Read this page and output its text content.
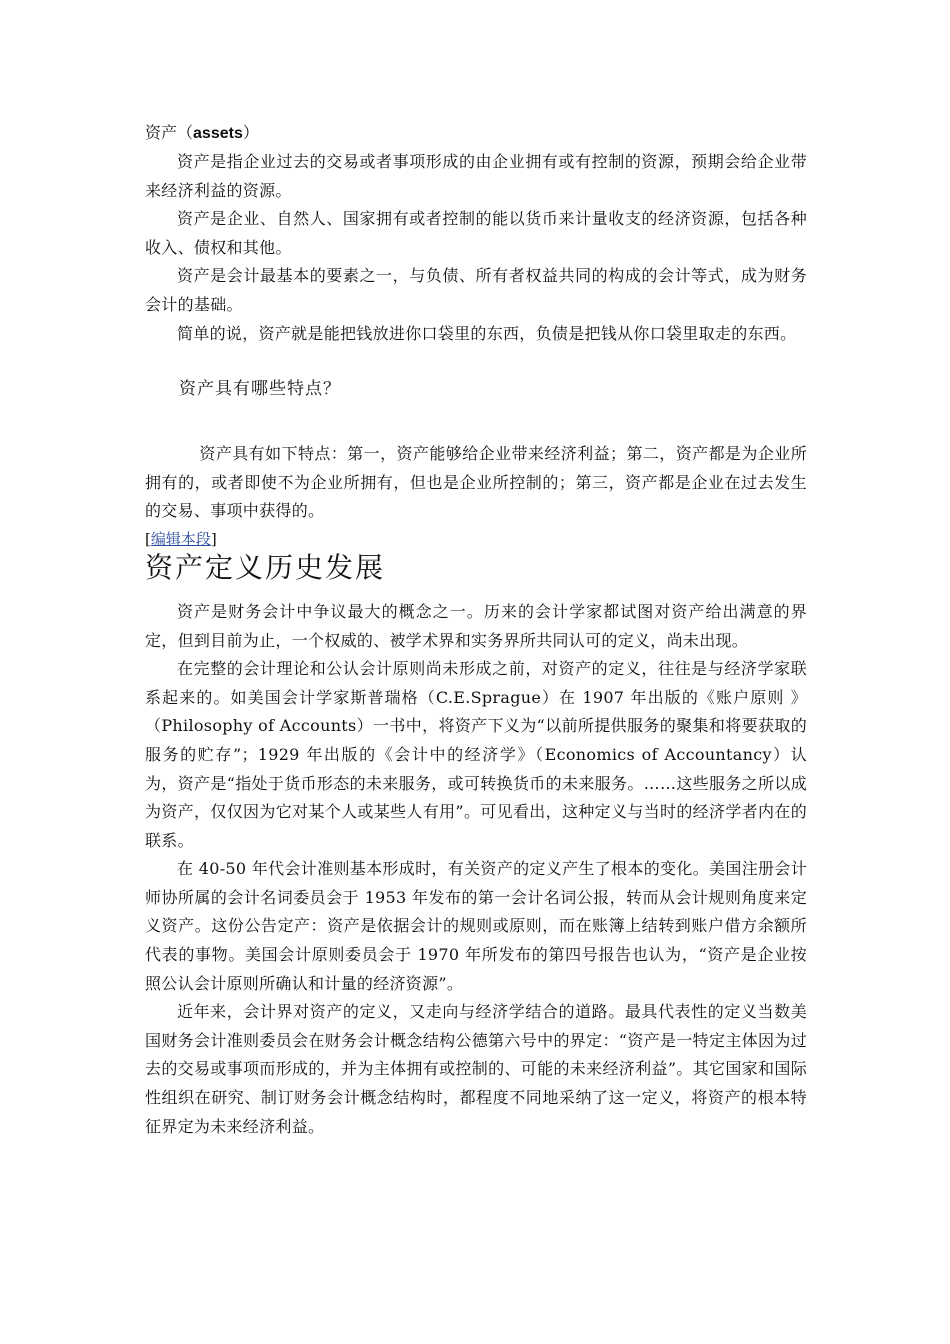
资产（assets）

资产是指企业过去的交易或者事项形成的由企业拥有或有控制的资源，预期会给企业带来经济利益的资源。

资产是企业、自然人、国家拥有或者控制的能以货币来计量收支的经济资源，包括各种收入、债权和其他。

资产是会计最基本的要素之一，与负债、所有者权益共同的构成的会计等式，成为财务会计的基础。

简单的说，资产就是能把钱放进你口袋里的东西，负债是把钱从你口袋里取走的东西。

资产具有哪些特点？

资产具有如下特点：第一，资产能够给企业带来经济利益；第二，资产都是为企业所拥有的，或者即使不为企业所拥有，但也是企业所控制的；第三，资产都是企业在过去发生的交易、事项中获得的。

[编辑本段]
资产定义历史发展

资产是财务会计中争议最大的概念之一。历来的会计学家都试图对资产给出满意的界定，但到目前为止，一个权威的、被学术界和实务界所共同认可的定义，尚未出现。

在完整的会计理论和公认会计原则尚未形成之前，对资产的定义，往往是与经济学家联系起来的。如美国会计学家斯普瑞格（C.E.Sprague）在 1907 年出版的《账户原则 》（Philosophy of Accounts）一书中，将资产下义为“以前所提供服务的聚集和将要获取的服务的贮存”；1929 年出版的《会计中的经济学》（Economics of Accountancy）认为，资产是“指处于货币形态的未来服务，或可转换货币的未来服务。……这些服务之所以成为资产，仅仅因为它对某个人或某些人有用”。可见看出，这种定义与当时的经济学者内在的联系。

在 40-50 年代会计准则基本形成时，有关资产的定义产生了根本的变化。美国注册会计师协所属的会计名词委员会于 1953 年发布的第一会计名词公报，转而从会计规则角度来定义资产。这份公告定产：资产是依据会计的规则或原则，而在账簿上结转到账户借方余额所代表的事物。美国会计原则委员会于 1970 年所发布的第四号报告也认为，“资产是企业按照公认会计原则所确认和计量的经济资源”。

近年来，会计界对资产的定义，又走向与经济学结合的道路。最具代表性的定义当数美国财务会计准则委员会在财务会计概念结构公德第六号中的界定：“资产是一特定主体因为过去的交易或事项而形成的，并为主体拥有或控制的、可能的未来经济利益”。其它国家和国际性组织在研究、制订财务会计概念结构时，都程度不同地采纳了这一定义，将资产的根本特征界定为未来经济利益。
